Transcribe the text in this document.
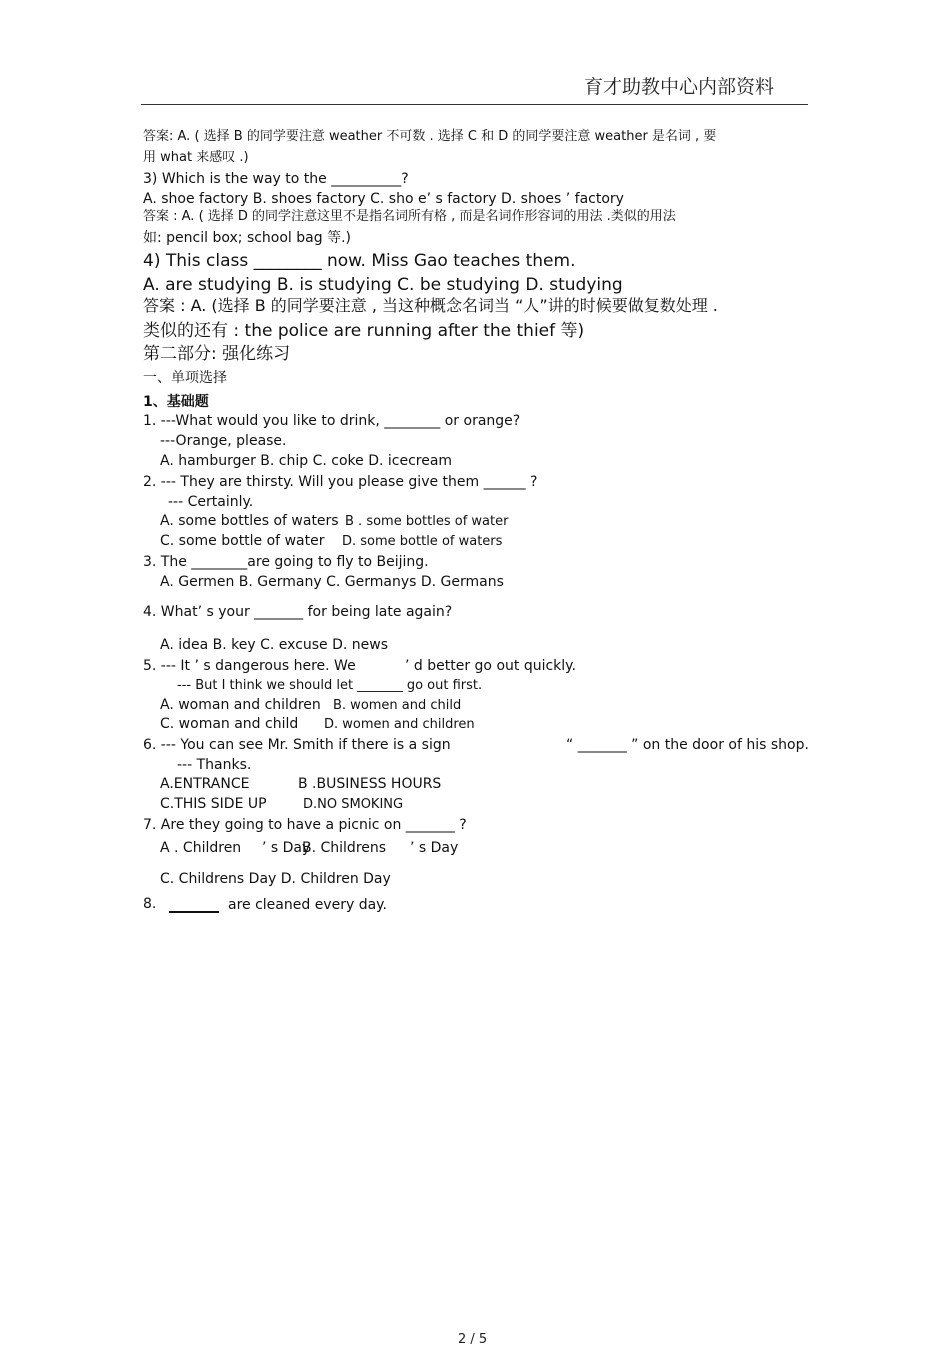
育才助教中心内部资料
答案: A. ( 选择 B 的同学要注意 weather 不可数 . 选择 C 和 D 的同学要注意 weather 是名词 , 要
用 what 来感叹 .)
3) Which is the way to the __________?
A. shoe factory B. shoes factory C. sho e’ s factory D. shoes ’ factory
答案 : A. ( 选择 D 的同学注意这里不是指名词所有格 , 而是名词作形容词的用法 .类似的用法
如: pencil box; school bag 等.)
4) This class ________ now. Miss Gao teaches them.
A. are studying B. is studying C. be studying D. studying
答案 : A. (选择 B 的同学要注意 , 当这种概念名词当 “人”讲的时候要做复数处理 .
类似的还有 : the police are running after the thief 等)
第二部分: 强化练习
一、单项选择
1、基础题
1. ---What would you like to drink, ________ or orange?
---Orange, please.
A. hamburger B. chip C. coke D. icecream
2. --- They are thirsty. Will you please give them ______ ?
--- Certainly.
A. some bottles of waters B . some bottles of water
C. some bottle of water D. some bottle of waters
3. The ________are going to fly to Beijing.
A. Germen B. Germany C. Germanys D. Germans
4. What’ s your _______ for being late again?
A. idea B. key C. excuse D. news
5. --- It ’ s dangerous here. We	’ d better go out quickly.
--- But I think we should let _______ go out first.
A. woman and children B. women and child
C. woman and child D. women and children
6. --- You can see Mr. Smith if there is a sign	“ _______ ” on the door of his shop.
--- Thanks.
A.ENTRANCE	B .BUSINESS HOURS
C.THIS SIDE UP	D.NO SMOKING
7. Are they going to have a picnic on _______ ?
A . Children ’ s Day
B. Childrens ’ s Day
C. Childrens Day D. Children Day
8.	are cleaned every day.
2 / 5
